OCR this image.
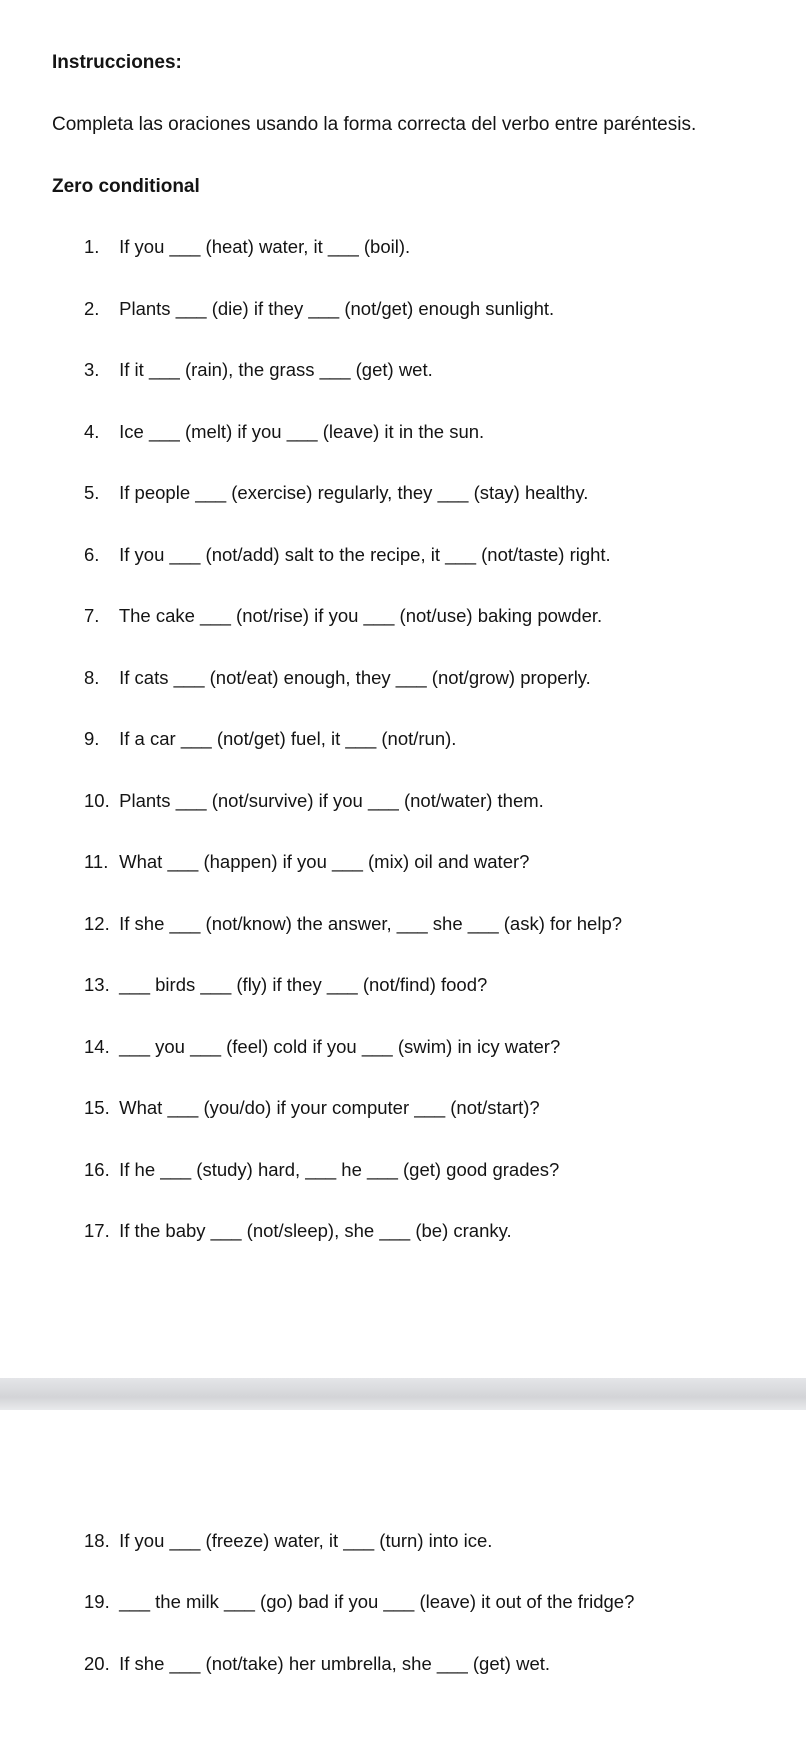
Instrucciones:
Completa las oraciones usando la forma correcta del verbo entre paréntesis.
Zero conditional
1. If you ___ (heat) water, it ___ (boil).
2. Plants ___ (die) if they ___ (not/get) enough sunlight.
3. If it ___ (rain), the grass ___ (get) wet.
4. Ice ___ (melt) if you ___ (leave) it in the sun.
5. If people ___ (exercise) regularly, they ___ (stay) healthy.
6. If you ___ (not/add) salt to the recipe, it ___ (not/taste) right.
7. The cake ___ (not/rise) if you ___ (not/use) baking powder.
8. If cats ___ (not/eat) enough, they ___ (not/grow) properly.
9. If a car ___ (not/get) fuel, it ___ (not/run).
10. Plants ___ (not/survive) if you ___ (not/water) them.
11. What ___ (happen) if you ___ (mix) oil and water?
12. If she ___ (not/know) the answer, ___ she ___ (ask) for help?
13. ___ birds ___ (fly) if they ___ (not/find) food?
14. ___ you ___ (feel) cold if you ___ (swim) in icy water?
15. What ___ (you/do) if your computer ___ (not/start)?
16. If he ___ (study) hard, ___ he ___ (get) good grades?
17. If the baby ___ (not/sleep), she ___ (be) cranky.
18. If you ___ (freeze) water, it ___ (turn) into ice.
19. ___ the milk ___ (go) bad if you ___ (leave) it out of the fridge?
20. If she ___ (not/take) her umbrella, she ___ (get) wet.
